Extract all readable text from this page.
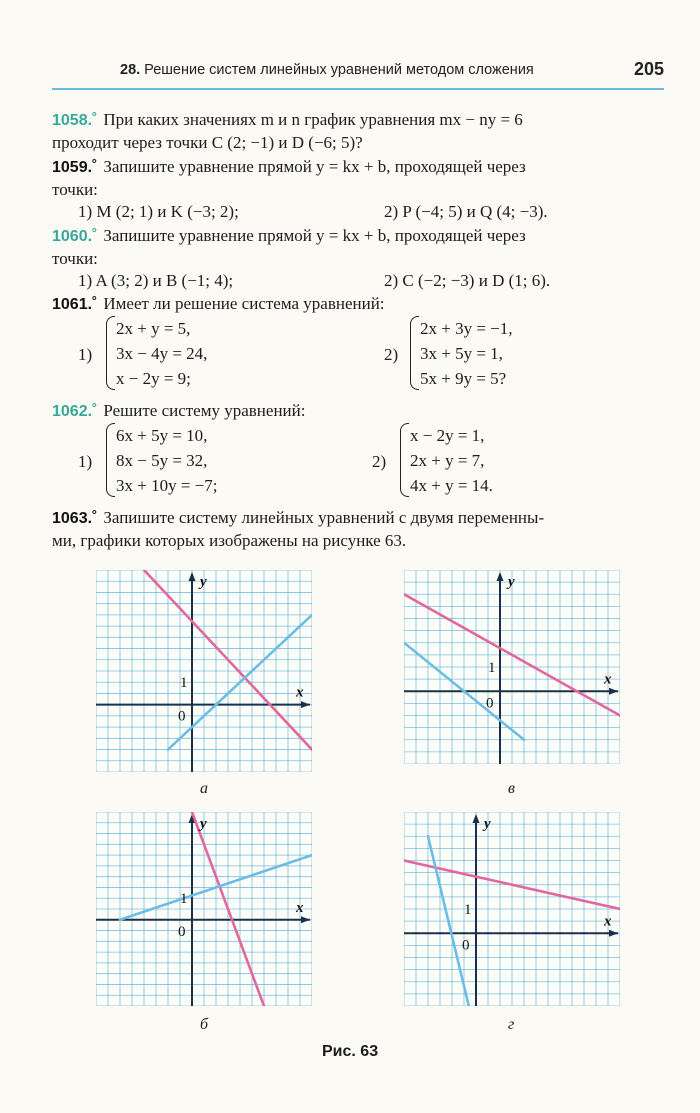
28. Решение систем линейных уравнений методом сложения	205
1058.˚ При каких значениях m и n график уравнения mx − ny = 6
проходит через точки C (2; −1) и D (−6; 5)?
1059.˚ Запишите уравнение прямой y = kx + b, проходящей через
точки:
1) M (2; 1) и K (−3; 2);	2) P (−4; 5) и Q (4; −3).
1060.˚ Запишите уравнение прямой y = kx + b, проходящей через
точки:
1) A (3; 2) и B (−1; 4);	2) C (−2; −3) и D (1; 6).
1061.˚ Имеет ли решение система уравнений:
1)
2x + y = 5,
3x − 4y = 24,
x − 2y = 9;
2)
2x + 3y = −1,
3x + 5y = 1,
5x + 9y = 5?
1062.˚ Решите систему уравнений:
1)
6x + 5y = 10,
8x − 5y = 32,
3x + 10y = −7;
2)
x − 2y = 1,
2x + y = 7,
4x + y = 14.
1063.˚ Запишите систему линейных уравнений с двумя переменны-
ми, графики которых изображены на рисунке 63.
y
x
0
1
y
x
0
1
y
x
0
1
y
x
0
1
а
б
в
г
Рис. 63
